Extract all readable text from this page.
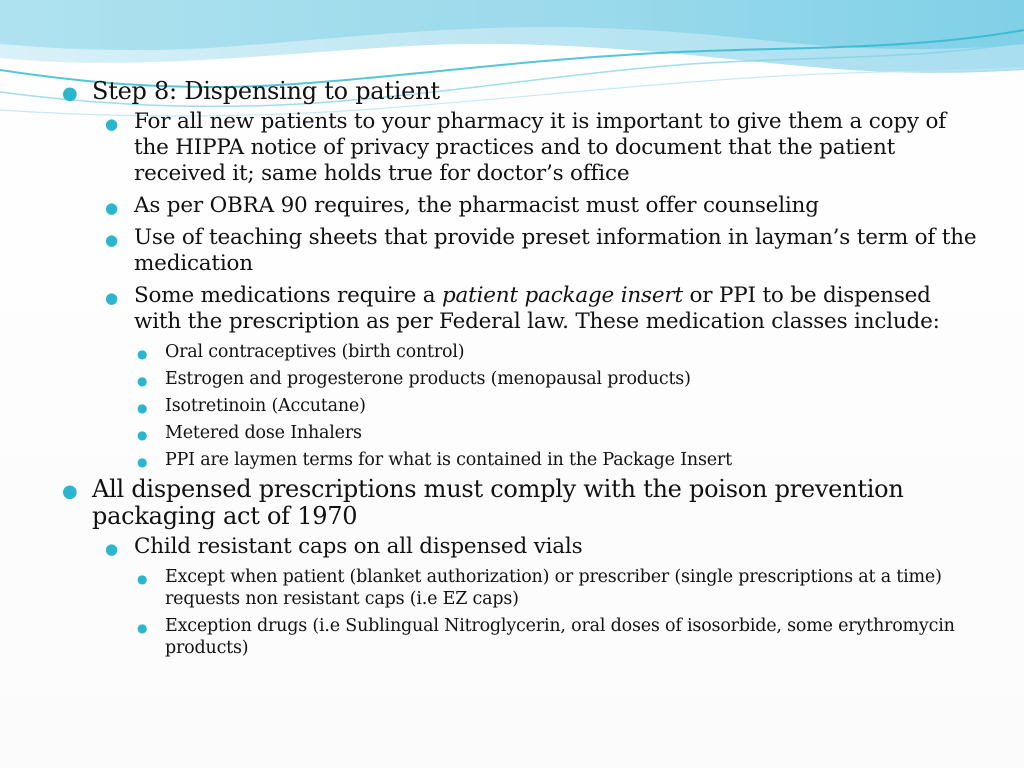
● Step 8: Dispensing to patient
● For all new patients to your pharmacy it is important to give them a copy of the HIPPA notice of privacy practices and to document that the patient received it; same holds true for doctor’s office
● As per OBRA 90 requires, the pharmacist must offer counseling
● Use of teaching sheets that provide preset information in layman’s term of the medication
● Some medications require a patient package insert or PPI to be dispensed with the prescription as per Federal law. These medication classes include:
● Oral contraceptives (birth control)
● Estrogen and progesterone products (menopausal products)
● Isotretinoin (Accutane)
● Metered dose Inhalers
● PPI are laymen terms for what is contained in the Package Insert
● All dispensed prescriptions must comply with the poison prevention packaging act of 1970
● Child resistant caps on all dispensed vials
● Except when patient (blanket authorization) or prescriber (single prescriptions at a time) requests non resistant caps (i.e EZ caps)
● Exception drugs (i.e Sublingual Nitroglycerin, oral doses of isosorbide, some erythromycin products)
